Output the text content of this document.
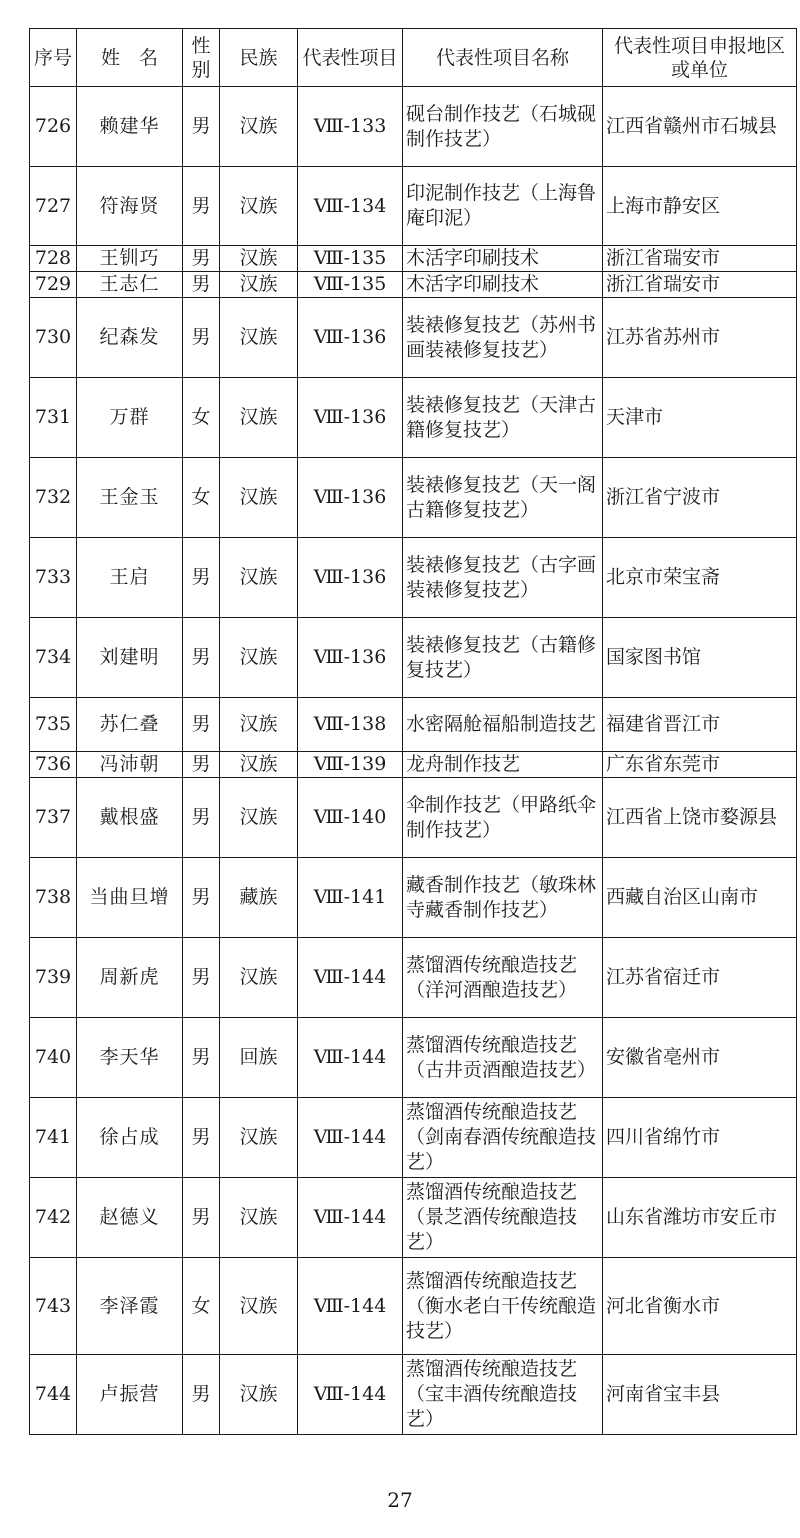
序号	姓　名	性别	民族	代表性项目	代表性项目名称	代表性项目申报地区或单位
726	赖建华	男	汉族	Ⅷ-133	砚台制作技艺（石城砚制作技艺）	江西省赣州市石城县
727	符海贤	男	汉族	Ⅷ-134	印泥制作技艺（上海鲁庵印泥）	上海市静安区
728	王钏巧	男	汉族	Ⅷ-135	木活字印刷技术	浙江省瑞安市
729	王志仁	男	汉族	Ⅷ-135	木活字印刷技术	浙江省瑞安市
730	纪森发	男	汉族	Ⅷ-136	装裱修复技艺（苏州书画装裱修复技艺）	江苏省苏州市
731	万群	女	汉族	Ⅷ-136	装裱修复技艺（天津古籍修复技艺）	天津市
732	王金玉	女	汉族	Ⅷ-136	装裱修复技艺（天一阁古籍修复技艺）	浙江省宁波市
733	王启	男	汉族	Ⅷ-136	装裱修复技艺（古字画装裱修复技艺）	北京市荣宝斋
734	刘建明	男	汉族	Ⅷ-136	装裱修复技艺（古籍修复技艺）	国家图书馆
735	苏仁叠	男	汉族	Ⅷ-138	水密隔舱福船制造技艺	福建省晋江市
736	冯沛朝	男	汉族	Ⅷ-139	龙舟制作技艺	广东省东莞市
737	戴根盛	男	汉族	Ⅷ-140	伞制作技艺（甲路纸伞制作技艺）	江西省上饶市婺源县
738	当曲旦增	男	藏族	Ⅷ-141	藏香制作技艺（敏珠林寺藏香制作技艺）	西藏自治区山南市
739	周新虎	男	汉族	Ⅷ-144	蒸馏酒传统酿造技艺（洋河酒酿造技艺）	江苏省宿迁市
740	李天华	男	回族	Ⅷ-144	蒸馏酒传统酿造技艺（古井贡酒酿造技艺）	安徽省亳州市
741	徐占成	男	汉族	Ⅷ-144	蒸馏酒传统酿造技艺（剑南春酒传统酿造技艺）	四川省绵竹市
742	赵德义	男	汉族	Ⅷ-144	蒸馏酒传统酿造技艺（景芝酒传统酿造技艺）	山东省潍坊市安丘市
743	李泽霞	女	汉族	Ⅷ-144	蒸馏酒传统酿造技艺（衡水老白干传统酿造技艺）	河北省衡水市
744	卢振营	男	汉族	Ⅷ-144	蒸馏酒传统酿造技艺（宝丰酒传统酿造技艺）	河南省宝丰县
27
